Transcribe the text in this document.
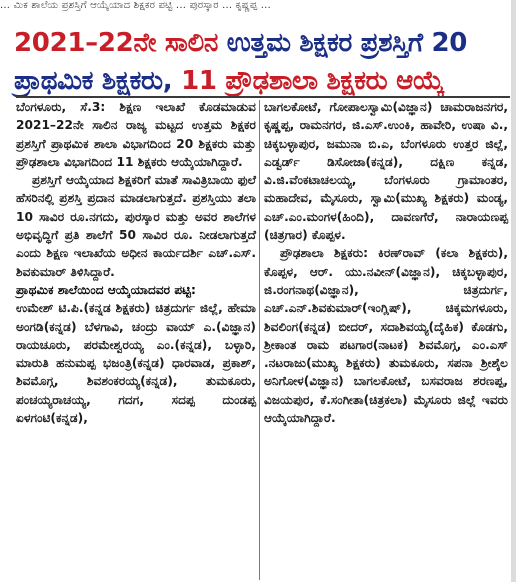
... ಮಿಕ ಶಾಲೆಯ ಪ್ರಶಸ್ತಿಗೆ ಆಯ್ಕೆಯಾದ ಶಿಕ್ಷಕರ ಪಟ್ಟಿ ... ಪುರಸ್ಕಾರ ... ಕೃಷ್ಣಪ್ಪ ...
2021–22ನೇ ಸಾಲಿನ ಉತ್ತಮ ಶಿಕ್ಷಕರ ಪ್ರಶಸ್ತಿಗೆ 20
ಪ್ರಾಥಮಿಕ ಶಿಕ್ಷಕರು, 11 ಪ್ರೌಢಶಾಲಾ ಶಿಕ್ಷಕರು ಆಯ್ಕೆ

ಬೆಂಗಳೂರು, ಸೆ.3: ಶಿಕ್ಷಣ ಇಲಾಖೆ ಕೊಡಮಾಡುವ 2021–22ನೇ ಸಾಲಿನ ರಾಜ್ಯ ಮಟ್ಟದ ಉತ್ತಮ ಶಿಕ್ಷಕರ ಪ್ರಶಸ್ತಿಗೆ ಪ್ರಾಥಮಿಕ ಶಾಲಾ ವಿಭಾಗದಿಂದ 20 ಶಿಕ್ಷಕರು ಮತ್ತು ಪ್ರೌಢಶಾಲಾ ವಿಭಾಗದಿಂದ 11 ಶಿಕ್ಷಕರು ಆಯ್ಕೆಯಾಗಿದ್ದಾರೆ.

ಪ್ರಶಸ್ತಿಗೆ ಆಯ್ಕೆಯಾದ ಶಿಕ್ಷಕರಿಗೆ ಮಾತೆ ಸಾವಿತ್ರಿಬಾಯಿ ಫುಲೆ ಹೆಸರಿನಲ್ಲಿ ಪ್ರಶಸ್ತಿ ಪ್ರದಾನ ಮಾಡಲಾಗುತ್ತದೆ. ಪ್ರಶಸ್ತಿಯು ತಲಾ 10 ಸಾವಿರ ರೂ.ನಗದು, ಪುರಸ್ಕಾರ ಮತ್ತು ಅವರ ಶಾಲೆಗಳ ಅಭಿವೃದ್ಧಿಗೆ ಪ್ರತಿ ಶಾಲೆಗೆ 50 ಸಾವಿರ ರೂ. ನೀಡಲಾಗುತ್ತದೆ ಎಂದು ಶಿಕ್ಷಣ ಇಲಾಖೆಯ ಅಧೀನ ಕಾರ್ಯದರ್ಶಿ ಎಚ್.ಎಸ್. ಶಿವಕುಮಾರ್ ತಿಳಿಸಿದ್ದಾರೆ.

ಪ್ರಾಥಮಿಕ ಶಾಲೆಯಿಂದ ಆಯ್ಕೆಯಾದವರ ಪಟ್ಟಿ:

ಉಮೇಶ್ ಟಿ.ಪಿ.(ಕನ್ನಡ ಶಿಕ್ಷಕರು) ಚಿತ್ರದುರ್ಗ ಜಿಲ್ಲೆ, ಹೇಮಾ ಅಂಗಡಿ(ಕನ್ನಡ) ಬೆಳಗಾವಿ, ಚಂದ್ರು ವಾಯ್ ಎ.(ವಿಜ್ಞಾನ) ರಾಯಚೂರು, ಪರಮೇಶ್ವರಯ್ಯ ಎಂ.(ಕನ್ನಡ), ಬಳ್ಳಾರಿ, ಮಾರುತಿ ಹನುಮಪ್ಪ ಭಜಂತ್ರಿ(ಕನ್ನಡ) ಧಾರವಾಡ, ಪ್ರಕಾಶ್, ಶಿವಮೊಗ್ಗ, ಶಿವಶಂಕರಯ್ಯ(ಕನ್ನಡ), ತುಮಕೂರು, ಪಂಚಯ್ಯರಾಚಯ್ಯ, ಗದಗ, ಸದಪ್ಪ ದುಂಡಪ್ಪ ಏಳಗಂಟಿ(ಕನ್ನಡ),

ಬಾಗಲಕೋಟೆ, ಗೋಪಾಲಸ್ವಾಮಿ(ವಿಜ್ಞಾನ) ಚಾಮರಾಜನಗರ, ಕೃಷ್ಣಪ್ಪ, ರಾಮನಗರ, ಜಿ.ಎಸ್.ಉಂಕಿ, ಹಾವೇರಿ, ಉಷಾ ವಿ., ಚಿಕ್ಕಬಳ್ಳಾಪುರ, ಜಮುನಾ ಬಿ.ಎ, ಬೆಂಗಳೂರು ಉತ್ತರ ಜಿಲ್ಲೆ, ಎಡ್ವರ್ಡ್ ಡಿಸೋಜಾ(ಕನ್ನಡ), ದಕ್ಷಿಣ ಕನ್ನಡ, ವಿ.ಜಿ.ವೆಂಕಟಾಚಲಯ್ಯ, ಬೆಂಗಳೂರು ಗ್ರಾಮಾಂತರ, ಮಹಾದೇವ, ಮೈಸೂರು, ಸ್ವಾಮಿ(ಮುಖ್ಯ ಶಿಕ್ಷಕರು) ಮಂಡ್ಯ, ಎಚ್.ಎಂ.ಮಂಗಳ(ಹಿಂದಿ), ದಾವಣಗೆರೆ, ನಾರಾಯಣಪ್ಪ (ಚಿತ್ರಗಾರ) ಕೊಪ್ಪಳ.

ಪ್ರೌಢಶಾಲಾ ಶಿಕ್ಷಕರು: ಕಿರಣ್‌ರಾವ್ (ಕಲಾ ಶಿಕ್ಷಕರು), ಕೊಪ್ಪಳ, ಆರ್. ಯು.ನವೀನ್(ವಿಜ್ಞಾನ), ಚಿಕ್ಕಬಳ್ಳಾಪುರ, ಜಿ.ರಂಗನಾಥ(ವಿಜ್ಞಾನ), ಚಿತ್ರದುರ್ಗ, ಎಚ್.ಎನ್.ಶಿವಕುಮಾರ್(ಇಂಗ್ಲಿಷ್), ಚಿಕ್ಕಮಗಳೂರು, ಶಿವಲಿಂಗ(ಕನ್ನಡ) ಬೀದರ್, ಸದಾಶಿವಯ್ಯ(ದೈಹಿಕ) ಕೊಡಗು, ಶ್ರೀಕಾಂತ ರಾಮ ಪಟಗಾರ(ನಾಟಕ) ಶಿವಮೊಗ್ಗ, ಎಂ.ಎಸ್ .ನಟರಾಜು(ಮುಖ್ಯ ಶಿಕ್ಷಕರು) ತುಮಕೂರು, ಸಪನಾ ಶ್ರೀಶೈಲ ಅನಿಗೋಳ(ವಿಜ್ಞಾನ) ಬಾಗಲಕೋಟೆ, ಬಸವರಾಜ ಶರಣಪ್ಪ, ವಿಜಯಪುರ, ಕೆ.ಸಂಗೀತಾ(ಚಿತ್ರಕಲಾ) ಮೈಸೂರು ಜಿಲ್ಲೆ ಇವರು ಆಯ್ಕೆಯಾಗಿದ್ದಾರೆ.
